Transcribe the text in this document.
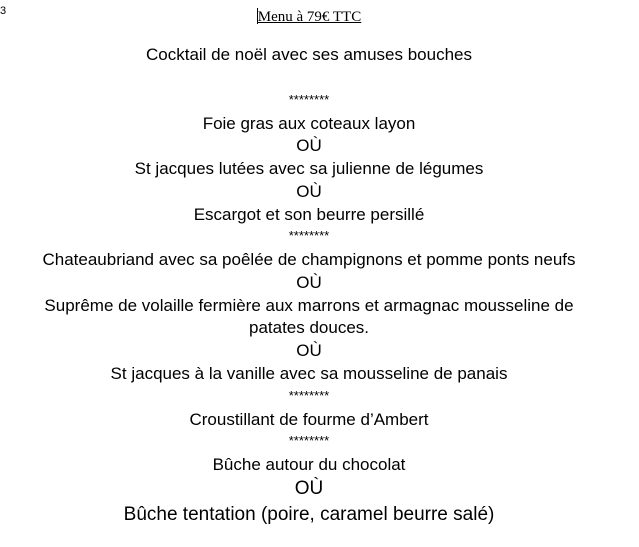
3	Menu à 79€ TTC
Cocktail de noël avec ses amuses bouches
********
Foie gras aux coteaux layon
OÙ
St jacques lutées avec sa julienne de légumes
OÙ
Escargot et son beurre persillé
********
Chateaubriand avec sa poêlée de champignons et pomme ponts neufs
OÙ
Suprême de volaille fermière aux marrons et armagnac mousseline de patates douces.
OÙ
St jacques à la vanille avec sa mousseline de panais
********
Croustillant de fourme d’Ambert
********
Bûche autour du chocolat
OÙ
Bûche tentation (poire, caramel beurre salé)
